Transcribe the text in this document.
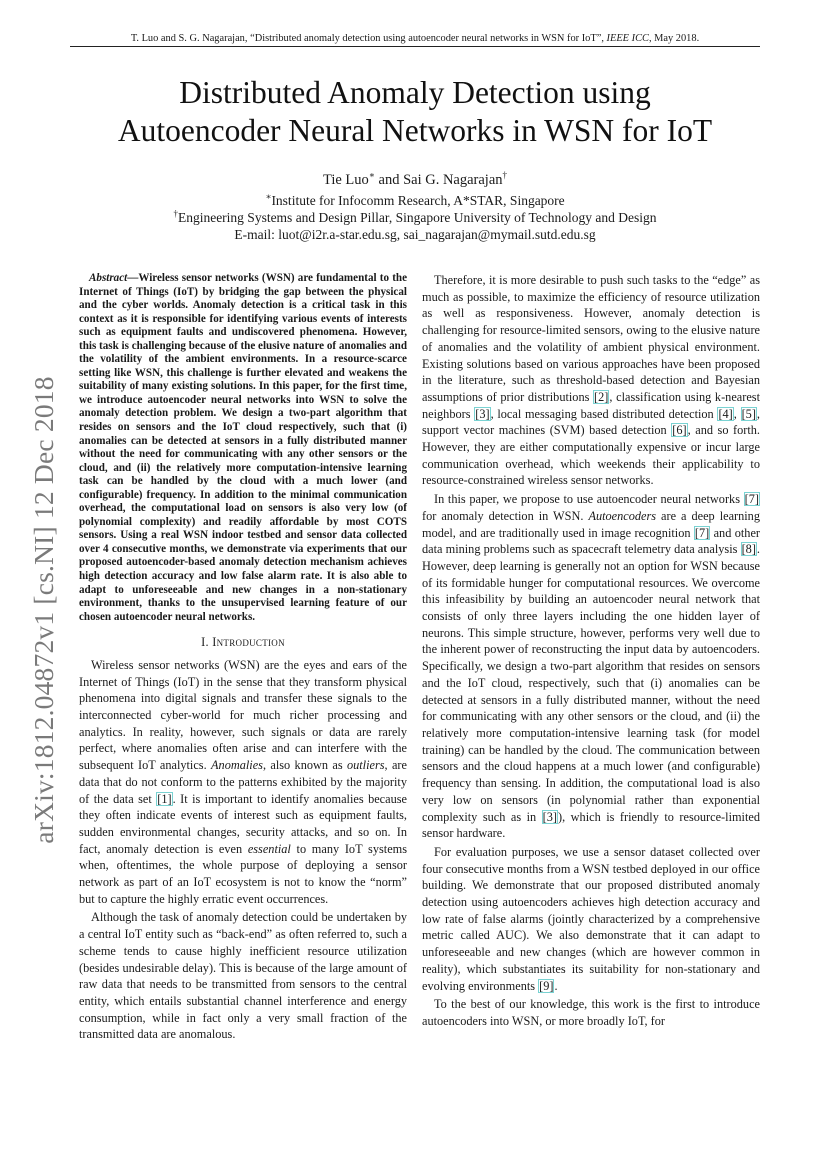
T. Luo and S. G. Nagarajan, “Distributed anomaly detection using autoencoder neural networks in WSN for IoT”, IEEE ICC, May 2018.
arXiv:1812.04872v1 [cs.NI] 12 Dec 2018
Distributed Anomaly Detection using
Autoencoder Neural Networks in WSN for IoT
Tie Luo∗ and Sai G. Nagarajan†
∗Institute for Infocomm Research, A*STAR, Singapore
†Engineering Systems and Design Pillar, Singapore University of Technology and Design
E-mail: luot@i2r.a-star.edu.sg, sai_nagarajan@mymail.sutd.edu.sg

Abstract—Wireless sensor networks (WSN) are fundamental to the Internet of Things (IoT) by bridging the gap between the physical and the cyber worlds. Anomaly detection is a critical task in this context as it is responsible for identifying various events of interests such as equipment faults and undiscovered phenomena. However, this task is challenging because of the elusive nature of anomalies and the volatility of the ambient environments. In a resource-scarce setting like WSN, this challenge is further elevated and weakens the suitability of many existing solutions. In this paper, for the first time, we introduce autoencoder neural networks into WSN to solve the anomaly detection problem. We design a two-part algorithm that resides on sensors and the IoT cloud respectively, such that (i) anomalies can be detected at sensors in a fully distributed manner without the need for communicating with any other sensors or the cloud, and (ii) the relatively more computation-intensive learning task can be handled by the cloud with a much lower (and configurable) frequency. In addition to the minimal communication overhead, the computational load on sensors is also very low (of polynomial complexity) and readily affordable by most COTS sensors. Using a real WSN indoor testbed and sensor data collected over 4 consecutive months, we demonstrate via experiments that our proposed autoencoder-based anomaly detection mechanism achieves high detection accuracy and low false alarm rate. It is also able to adapt to unforeseeable and new changes in a non-stationary environment, thanks to the unsupervised learning feature of our chosen autoencoder neural networks.

I. Introduction

Wireless sensor networks (WSN) are the eyes and ears of the Internet of Things (IoT) in the sense that they transform physical phenomena into digital signals and transfer these signals to the interconnected cyber-world for much richer processing and analytics. In reality, however, such signals or data are rarely perfect, where anomalies often arise and can interfere with the subsequent IoT analytics. Anomalies, also known as outliers, are data that do not conform to the patterns exhibited by the majority of the data set [1]. It is important to identify anomalies because they often indicate events of interest such as equipment faults, sudden environmental changes, security attacks, and so on. In fact, anomaly detection is even essential to many IoT systems when, oftentimes, the whole purpose of deploying a sensor network as part of an IoT ecosystem is not to know the “norm” but to capture the highly erratic event occurrences.

Although the task of anomaly detection could be undertaken by a central IoT entity such as “back-end” as often referred to, such a scheme tends to cause highly inefficient resource utilization (besides undesirable delay). This is because of the large amount of raw data that needs to be transmitted from sensors to the central entity, which entails substantial channel interference and energy consumption, while in fact only a very small fraction of the transmitted data are anomalous.

Therefore, it is more desirable to push such tasks to the “edge” as much as possible, to maximize the efficiency of resource utilization as well as responsiveness. However, anomaly detection is challenging for resource-limited sensors, owing to the elusive nature of anomalies and the volatility of ambient physical environment. Existing solutions based on various approaches have been proposed in the literature, such as threshold-based detection and Bayesian assumptions of prior distributions [2], classification using k-nearest neighbors [3], local messaging based distributed detection [4], [5], support vector machines (SVM) based detection [6], and so forth. However, they are either computationally expensive or incur large communication overhead, which weekends their applicability to resource-constrained wireless sensor networks.

In this paper, we propose to use autoencoder neural networks [7] for anomaly detection in WSN. Autoencoders are a deep learning model, and are traditionally used in image recognition [7] and other data mining problems such as spacecraft telemetry data analysis [8]. However, deep learning is generally not an option for WSN because of its formidable hunger for computational resources. We overcome this infeasibility by building an autoencoder neural network that consists of only three layers including the one hidden layer of neurons. This simple structure, however, performs very well due to the inherent power of reconstructing the input data by autoencoders. Specifically, we design a two-part algorithm that resides on sensors and the IoT cloud, respectively, such that (i) anomalies can be detected at sensors in a fully distributed manner, without the need for communicating with any other sensors or the cloud, and (ii) the relatively more computation-intensive learning task (for model training) can be handled by the cloud. The communication between sensors and the cloud happens at a much lower (and configurable) frequency than sensing. In addition, the computational load is also very low on sensors (in polynomial rather than exponential complexity such as in [3]), which is friendly to resource-limited sensor hardware.

For evaluation purposes, we use a sensor dataset collected over four consecutive months from a WSN testbed deployed in our office building. We demonstrate that our proposed distributed anomaly detection using autoencoders achieves high detection accuracy and low rate of false alarms (jointly characterized by a comprehensive metric called AUC). We also demonstrate that it can adapt to unforeseeable and new changes (which are however common in reality), which substantiates its suitability for non-stationary and evolving environments [9].

To the best of our knowledge, this work is the first to introduce autoencoders into WSN, or more broadly IoT, for
